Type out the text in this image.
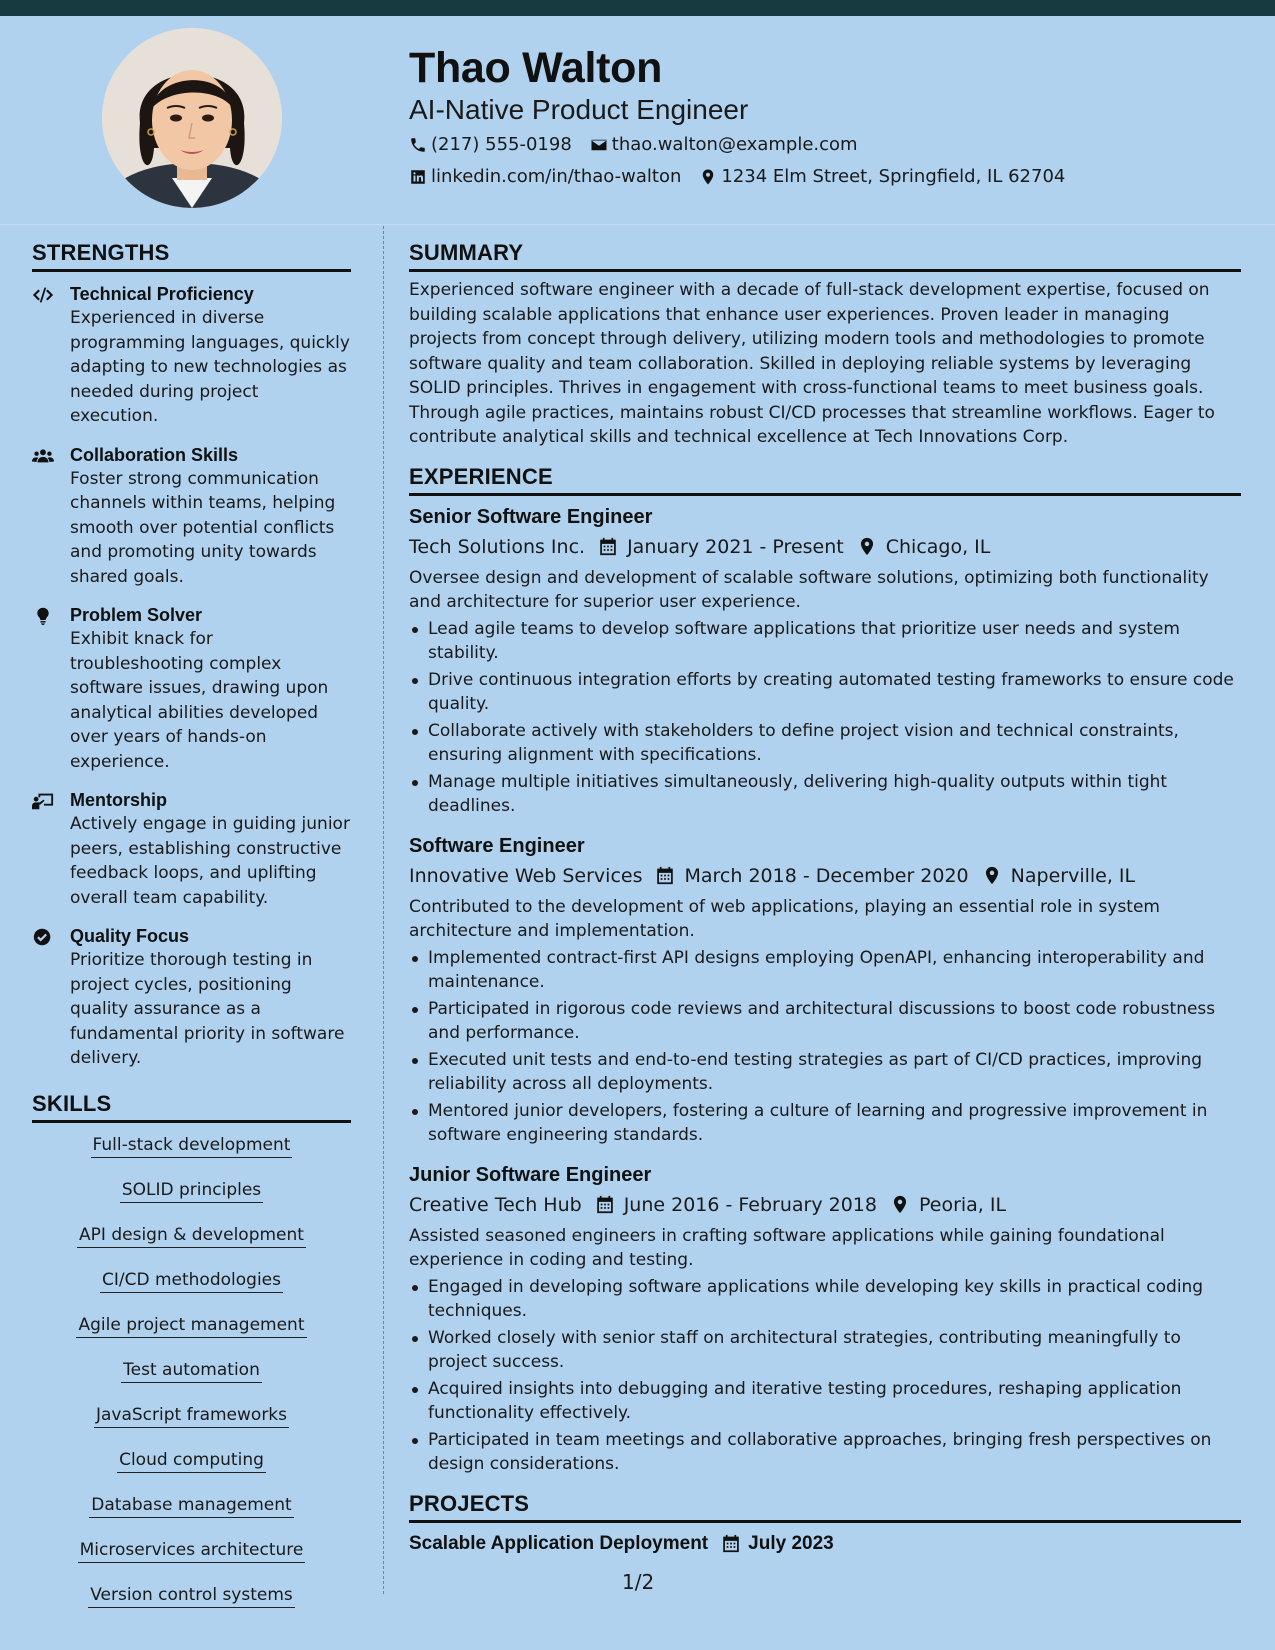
Thao Walton
AI-Native Product Engineer
(217) 555-0198 thao.walton@example.com
linkedin.com/in/thao-walton 1234 Elm Street, Springfield, IL 62704
STRENGTHS
Technical Proficiency
Experienced in diverse programming languages, quickly adapting to new technologies as needed during project execution.
Collaboration Skills
Foster strong communication channels within teams, helping smooth over potential conflicts and promoting unity towards shared goals.
Problem Solver
Exhibit knack for troubleshooting complex software issues, drawing upon analytical abilities developed over years of hands-on experience.
Mentorship
Actively engage in guiding junior peers, establishing constructive feedback loops, and uplifting overall team capability.
Quality Focus
Prioritize thorough testing in project cycles, positioning quality assurance as a fundamental priority in software delivery.
SKILLS
Full-stack development
SOLID principles
API design & development
CI/CD methodologies
Agile project management
Test automation
JavaScript frameworks
Cloud computing
Database management
Microservices architecture
Version control systems
SUMMARY
Experienced software engineer with a decade of full-stack development expertise, focused on building scalable applications that enhance user experiences. Proven leader in managing projects from concept through delivery, utilizing modern tools and methodologies to promote software quality and team collaboration. Skilled in deploying reliable systems by leveraging SOLID principles. Thrives in engagement with cross-functional teams to meet business goals. Through agile practices, maintains robust CI/CD processes that streamline workflows. Eager to contribute analytical skills and technical excellence at Tech Innovations Corp.
EXPERIENCE
Senior Software Engineer
Tech Solutions Inc. January 2021 - Present Chicago, IL
Oversee design and development of scalable software solutions, optimizing both functionality and architecture for superior user experience.
Lead agile teams to develop software applications that prioritize user needs and system stability.
Drive continuous integration efforts by creating automated testing frameworks to ensure code quality.
Collaborate actively with stakeholders to define project vision and technical constraints, ensuring alignment with specifications.
Manage multiple initiatives simultaneously, delivering high-quality outputs within tight deadlines.
Software Engineer
Innovative Web Services March 2018 - December 2020 Naperville, IL
Contributed to the development of web applications, playing an essential role in system architecture and implementation.
Implemented contract-first API designs employing OpenAPI, enhancing interoperability and maintenance.
Participated in rigorous code reviews and architectural discussions to boost code robustness and performance.
Executed unit tests and end-to-end testing strategies as part of CI/CD practices, improving reliability across all deployments.
Mentored junior developers, fostering a culture of learning and progressive improvement in software engineering standards.
Junior Software Engineer
Creative Tech Hub June 2016 - February 2018 Peoria, IL
Assisted seasoned engineers in crafting software applications while gaining foundational experience in coding and testing.
Engaged in developing software applications while developing key skills in practical coding techniques.
Worked closely with senior staff on architectural strategies, contributing meaningfully to project success.
Acquired insights into debugging and iterative testing procedures, reshaping application functionality effectively.
Participated in team meetings and collaborative approaches, bringing fresh perspectives on design considerations.
PROJECTS
Scalable Application Deployment July 2023
1/2
